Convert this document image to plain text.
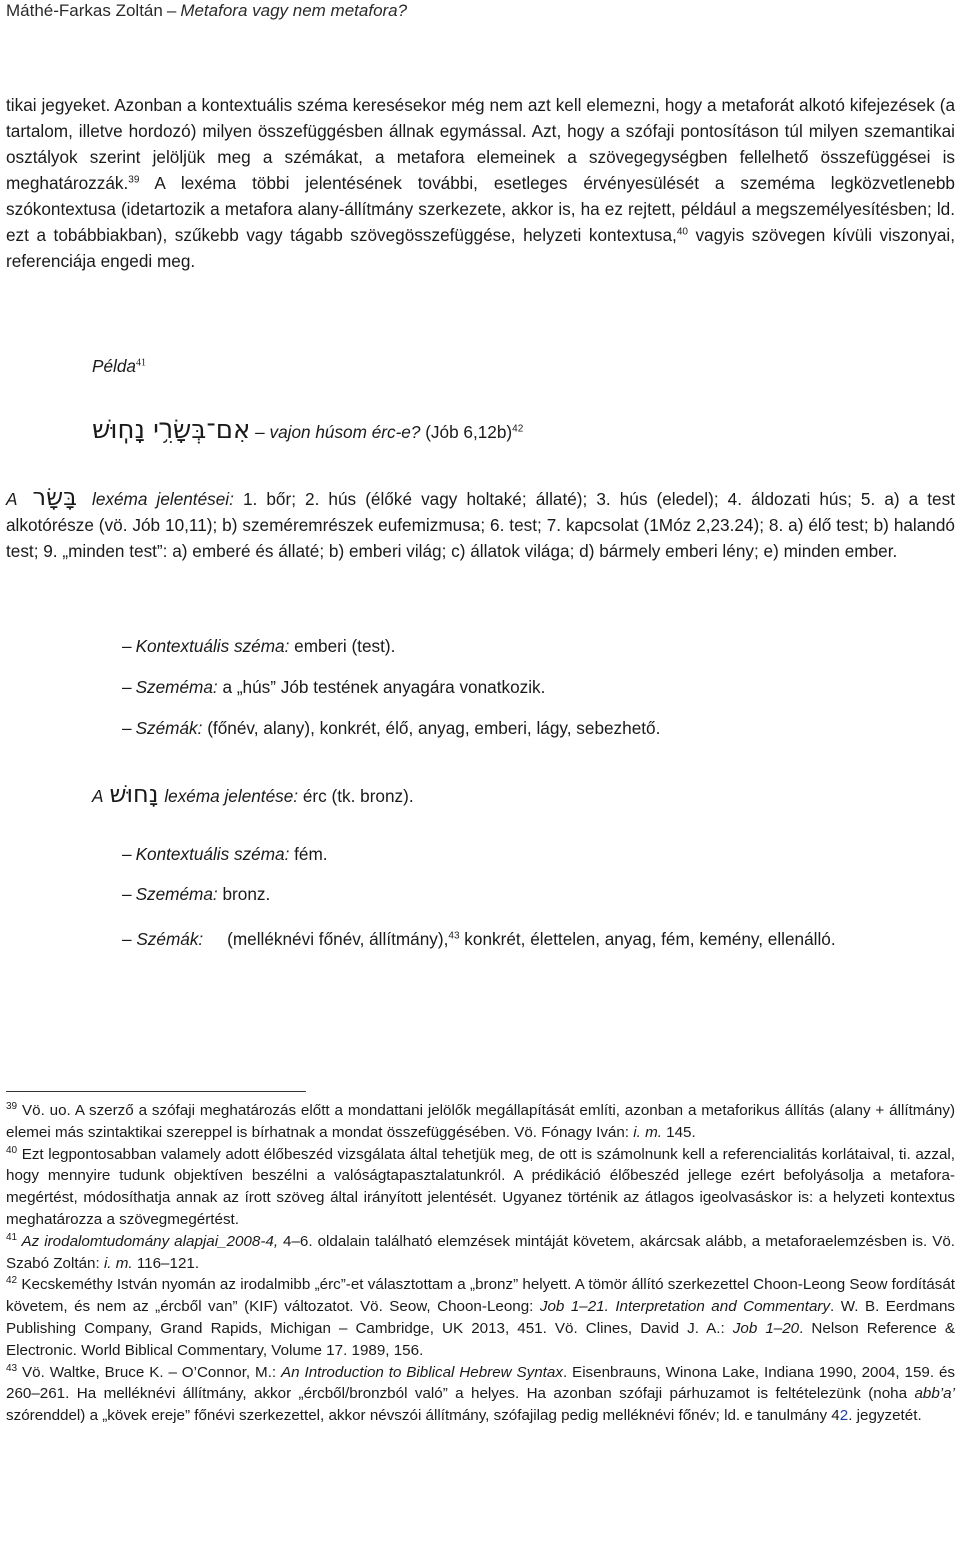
Máthé-Farkas Zoltán – Metafora vagy nem metafora?

tikai jegyeket. Azonban a kontextuális széma keresésekor még nem azt kell elemezni, hogy a metaforát alkotó kifejezések (a tartalom, illetve hordozó) milyen összefüggésben állnak egymással. Azt, hogy a szófaji pontosításon túl milyen szemantikai osztályok szerint jelöljük meg a szémákat, a metafora elemeinek a szövegegységben fellelhető összefüggései is meghatározzák.$^{39}$ A lexéma többi jelentésének további, esetleges érvényesülését a szeméma legközvetlenebb szókontextusa (idetartozik a metafora alany-állítmány szerkezete, akkor is, ha ez rejtett, például a megszemélyesítésben; ld. ezt a tobábbiakban), szűkebb vagy tágabb szövegösszefüggése, helyzeti kontextusa,$^{40}$ vagyis szövegen kívüli viszonyai, referenciája engedi meg.

Példa$^{41}$
אִם־בְּשָׂרִ֥י נָחֽוּשׁ – vajon húsom érc-e? (Jób 6,12b)$^{42}$

A בָּשָׂר lexéma jelentései: 1. bőr; 2. hús (élőké vagy holtaké; állaté); 3. hús (eledel); 4. áldozati hús; 5. a) a test alkotórésze (vö. Jób 10,11); b) szeméremrészek eufemizmusa; 6. test; 7. kapcsolat (1Móz 2,23.24); 8. a) élő test; b) halandó test; 9. „minden test”: a) emberé és állaté; b) emberi világ; c) állatok világa; d) bármely emberi lény; e) minden ember.

– Kontextuális széma: emberi (test).
– Szeméma: a „hús” Jób testének anyagára vonatkozik.
– Szémák: (főnév, alany), konkrét, élő, anyag, emberi, lágy, sebezhető.
A נָחוּשׁ lexéma jelentése: érc (tk. bronz).
– Kontextuális széma: fém.
– Szeméma: bronz.

– Szémák: (melléknévi főnév, állítmány),$^{43}$ konkrét, élettelen, anyag, fém, kemény, ellenálló.

$^{39}$ Vö. uo. A szerző a szófaji meghatározás előtt a mondattani jelölők megállapítását említi, azonban a metaforikus állítás (alany + állítmány) elemei más szintaktikai szereppel is bírhatnak a mondat összefüggésében. Vö. Fónagy Iván: i. m. 145.

$^{40}$ Ezt legpontosabban valamely adott élőbeszéd vizsgálata által tehetjük meg, de ott is számolnunk kell a referencialitás korlátaival, ti. azzal, hogy mennyire tudunk objektíven beszélni a valóságtapasztalatunkról. A prédikáció élőbeszéd jellege ezért befolyásolja a metafora-megértést, módosíthatja annak az írott szöveg által irányított jelentését. Ugyanez történik az átlagos igeolvasáskor is: a helyzeti kontextus meghatározza a szövegmegértést.

$^{41}$ Az irodalomtudomány alapjai_2008-4, 4–6. oldalain található elemzések mintáját követem, akárcsak alább, a metaforaelemzésben is. Vö. Szabó Zoltán: i. m. 116–121.

$^{42}$ Kecskeméthy István nyomán az irodalmibb „érc”-et választottam a „bronz” helyett. A tömör állító szerkezettel Choon-Leong Seow fordítását követem, és nem az „ércből van” (KIF) változatot. Vö. Seow, Choon-Leong: Job 1–21. Interpretation and Commentary. W. B. Eerdmans Publishing Company, Grand Rapids, Michigan – Cambridge, UK 2013, 451. Vö. Clines, David J. A.: Job 1–20. Nelson Reference & Electronic. World Biblical Commentary, Volume 17. 1989, 156.

$^{43}$ Vö. Waltke, Bruce K. – O’Connor, M.: An Introduction to Biblical Hebrew Syntax. Eisenbrauns, Winona Lake, Indiana 1990, 2004, 159. és 260–261. Ha melléknévi állítmány, akkor „ércből/bronzból való” a helyes. Ha azonban szófaji párhuzamot is feltételezünk (noha abb’a’ szórenddel) a „kövek ereje” főnévi szerkezettel, akkor névszói állítmány, szófajilag pedig melléknévi főnév; ld. e tanulmány 42. jegyzetét.
